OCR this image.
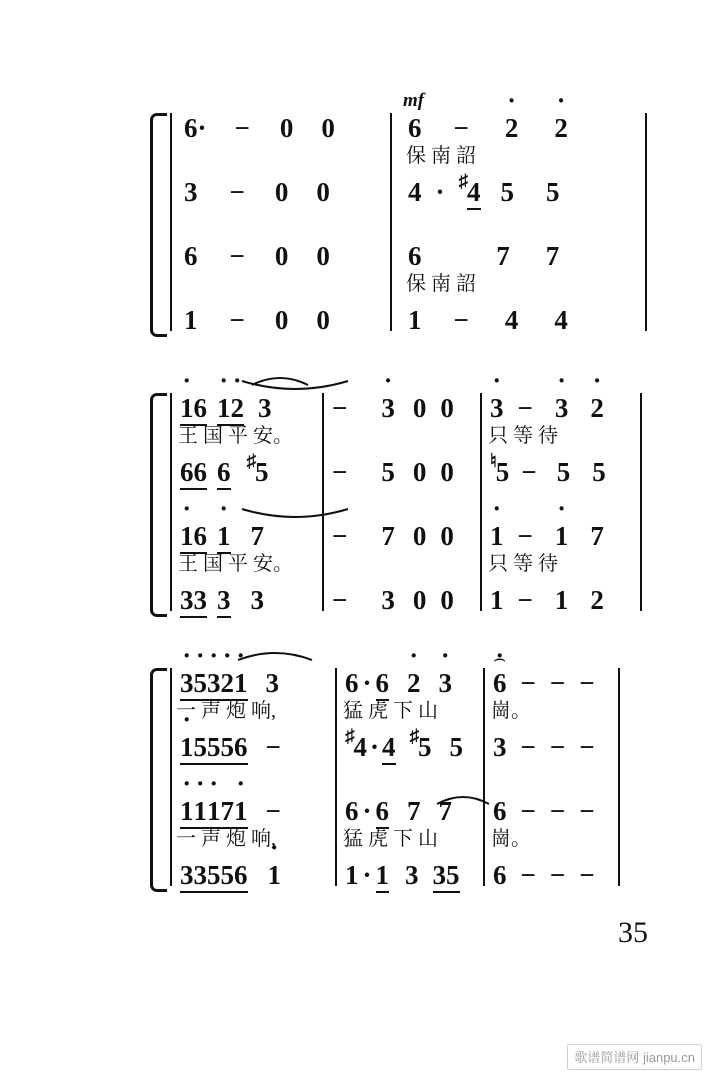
mf
6· − 0 0
3 − 0 0
6 − 0 0
1 − 0 0
6 − · 2 · 2
保 南 詔
4 · ♯4 5 5
6	7 7
保 南 詔
1 − 4 4
· 16 · 1· 2 3
王 国 平 安。
66 6 ♯5
· 16 · 1 7
王 国 平 安。
33 3 3
− · 3 0 0
− 5 0 0
− 7 0 0
− 3 0 0
· 3 − · 3 · 2
只 等 待
♮5 − 5 5
· 1 − · 1 7
只 等 待
1 − 1 2
· 3· 5· 3· 2· 1 3
一 声 炮 响,
· 15556 −
· 1· 1· 17· 1 −
一 声 炮 响,
33556 · 1
6 · 6 · 2 · 3
猛 虎 下 山
♯4 · 4 ♯5 5
6 · 6 7 7
猛 虎 下 山
1 · 1 3 35
⌢
· 6 − − −
崗。
3 − − −
6 − − −
崗。
6 − − −
35
歌谱简谱网 jianpu.cn
